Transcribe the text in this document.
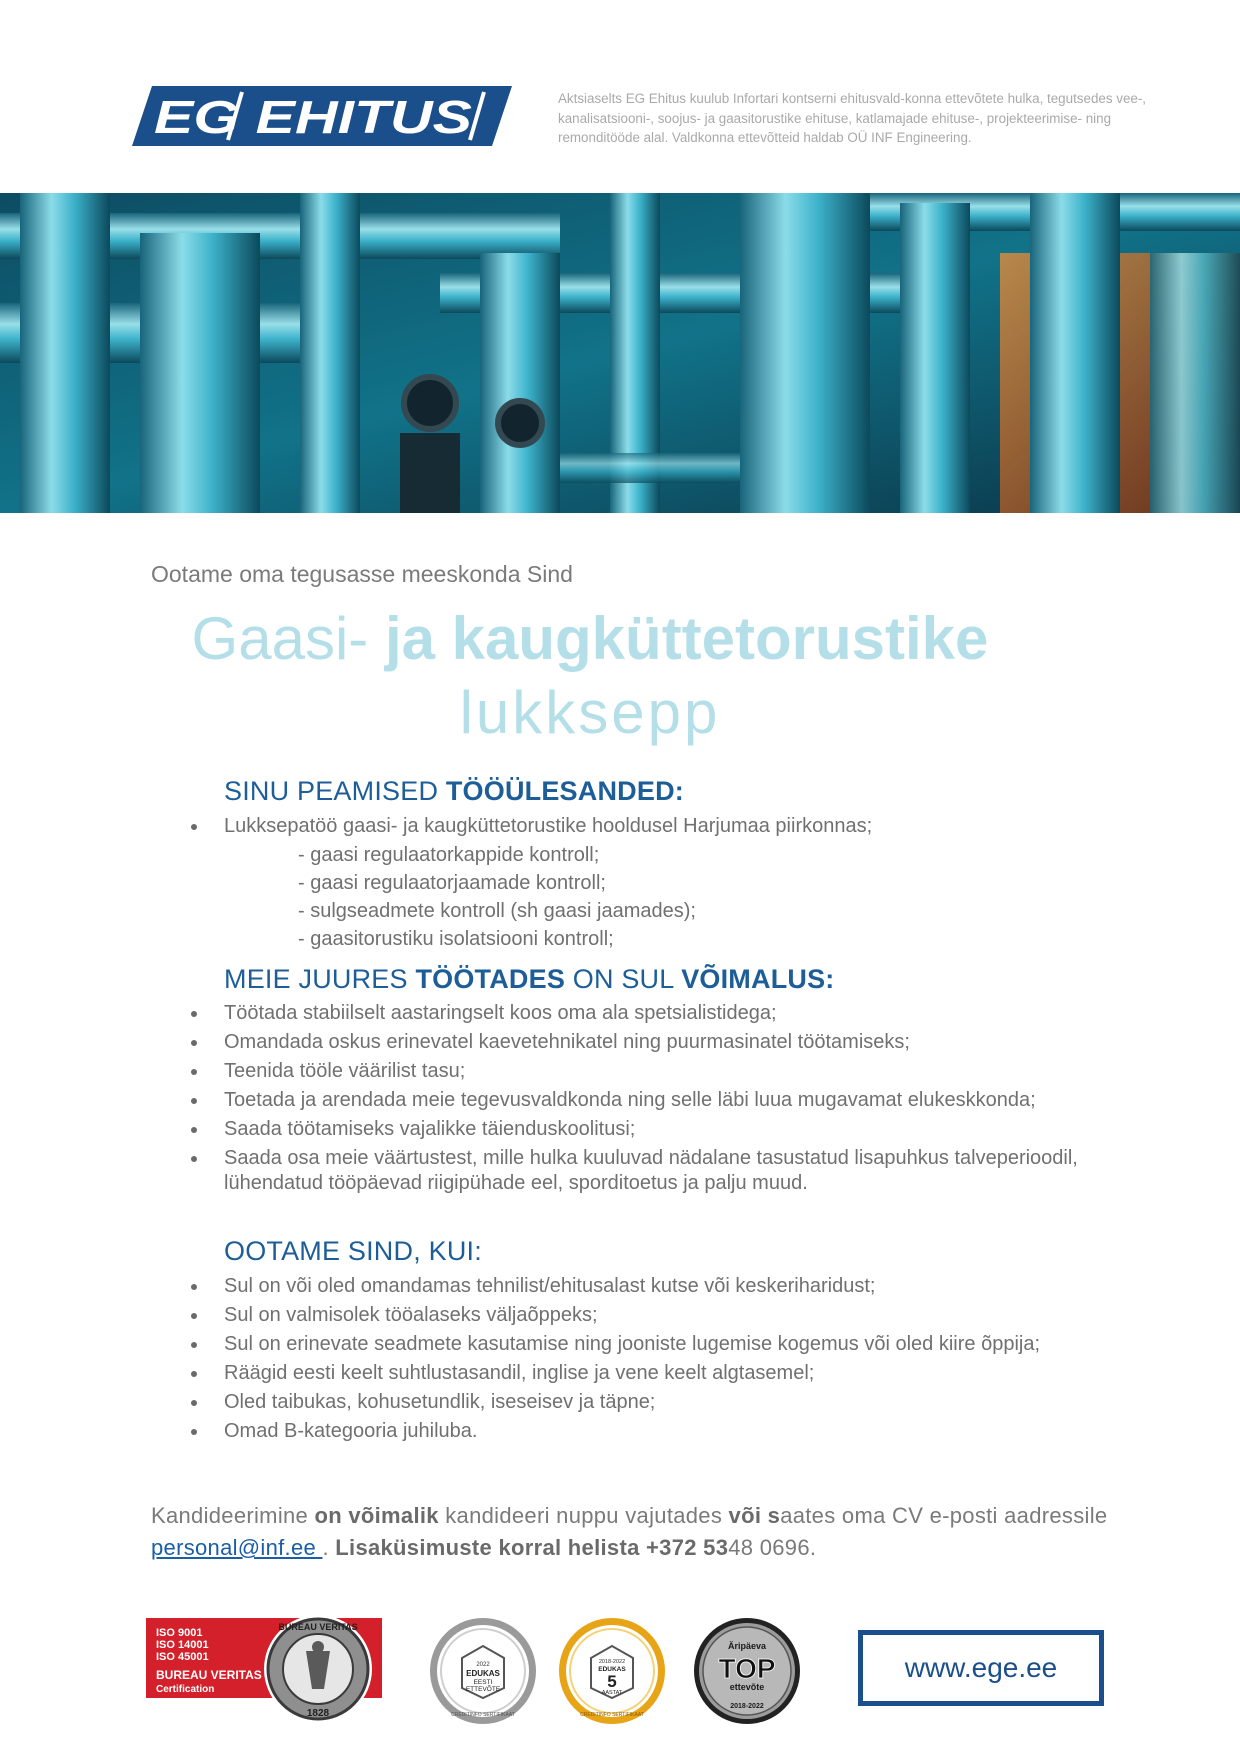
EG EHITUS	Aktsiaselts EG Ehitus kuulub Infortari kontserni ehitusvald-konna ettevõtete hulka, tegutsedes vee-, kanalisatsiooni-, soojus- ja gaasitorustike ehituse, katlamajade ehituse-, projekteerimise- ning remonditööde alal. Valdkonna ettevõtteid haldab OÜ INF Engineering.
Ootame oma tegusasse meeskonda Sind
Gaasi- ja kaugküttetorustike
lukksepp
SINU PEAMISED TÖÖÜLESANDED:
Lukksepatöö gaasi- ja kaugküttetorustike hooldusel Harjumaa piirkonnas;
- gaasi regulaatorkappide kontroll;
- gaasi regulaatorjaamade kontroll;
- sulgseadmete kontroll (sh gaasi jaamades);
- gaasitorustiku isolatsiooni kontroll;
MEIE JUURES TÖÖTADES ON SUL VÕIMALUS:
Töötada stabiilselt aastaringselt koos oma ala spetsialistidega;
Omandada oskus erinevatel kaevetehnikatel ning puurmasinatel töötamiseks;
Teenida tööle väärilist tasu;
Toetada ja arendada meie tegevusvaldkonda ning selle läbi luua mugavamat elukeskkonda;
Saada töötamiseks vajalikke täienduskoolitusi;
Saada osa meie väärtustest, mille hulka kuuluvad nädalane tasustatud lisapuhkus talveperioodil, lühendatud tööpäevad riigipühade eel, sporditoetus ja palju muud.
OOTAME SIND, KUI:
Sul on või oled omandamas tehnilist/ehitusalast kutse või keskeriharidust;
Sul on valmisolek tööalaseks väljaõppeks;
Sul on erinevate seadmete kasutamise ning jooniste lugemise kogemus või oled kiire õppija;
Räägid eesti keelt suhtlustasandil, inglise ja vene keelt algtasemel;
Oled taibukas, kohusetundlik, iseseisev ja täpne;
Omad B-kategooria juhiluba.
Kandideerimine on võimalik kandideeri nuppu vajutades või saates oma CV e-posti aadressile personal@inf.ee . Lisaküsimuste korral helista +372 5348 0696.
ISO 9001
ISO 14001
ISO 45001
BUREAU VERITAS
Certification
BUREAU VERITAS
1828
2022
EDUKAS
EESTI
ETTEVÕTE
CREDITINFO SERTIFIKAAT
2018-2022
EDUKAS
5
AASTAT
CREDITINFO SERTIFIKAAT
Äripäeva
TOP
ettevõte
2018-2022
www.ege.ee
